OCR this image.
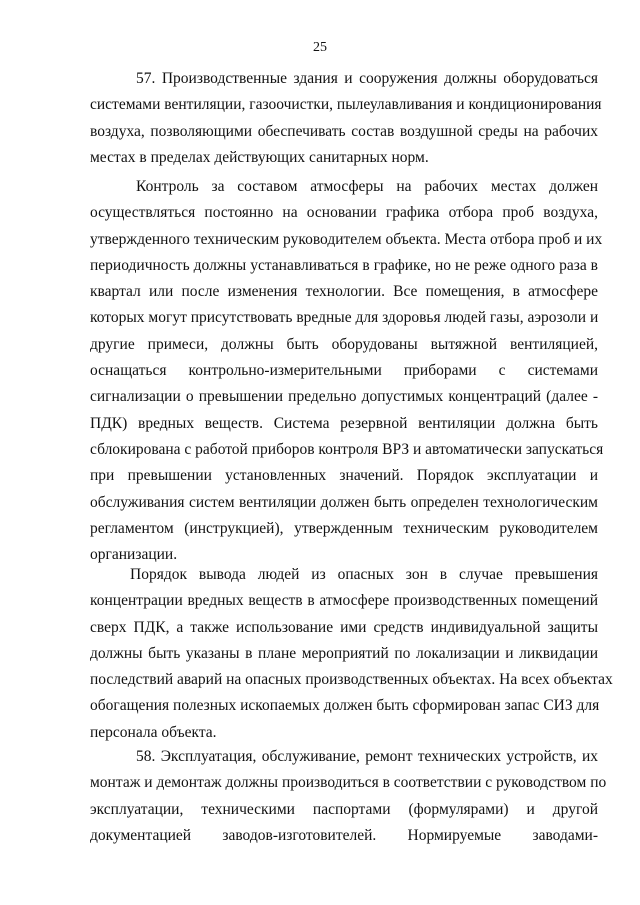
25
57. Производственные здания и сооружения должны оборудоваться
системами вентиляции, газоочистки, пылеулавливания и кондиционирования
воздуха, позволяющими обеспечивать состав воздушной среды на рабочих
местах в пределах действующих санитарных норм.
Контроль за составом атмосферы на рабочих местах должен
осуществляться постоянно на основании графика отбора проб воздуха,
утвержденного техническим руководителем объекта. Места отбора проб и их
периодичность должны устанавливаться в графике, но не реже одного раза в
квартал или после изменения технологии. Все помещения, в атмосфере
которых могут присутствовать вредные для здоровья людей газы, аэрозоли и
другие примеси, должны быть оборудованы вытяжной вентиляцией,
оснащаться контрольно-измерительными приборами с системами
сигнализации о превышении предельно допустимых концентраций (далее -
ПДК) вредных веществ. Система резервной вентиляции должна быть
сблокирована с работой приборов контроля ВРЗ и автоматически запускаться
при превышении установленных значений. Порядок эксплуатации и
обслуживания систем вентиляции должен быть определен технологическим
регламентом (инструкцией), утвержденным техническим руководителем
организации.
Порядок вывода людей из опасных зон в случае превышения
концентрации вредных веществ в атмосфере производственных помещений
сверх ПДК, а также использование ими средств индивидуальной защиты
должны быть указаны в плане мероприятий по локализации и ликвидации
последствий аварий на опасных производственных объектах. На всех объектах
обогащения полезных ископаемых должен быть сформирован запас СИЗ для
персонала объекта.
58. Эксплуатация, обслуживание, ремонт технических устройств, их
монтаж и демонтаж должны производиться в соответствии с руководством по
эксплуатации, техническими паспортами (формулярами) и другой
документацией заводов-изготовителей. Нормируемые заводами-
